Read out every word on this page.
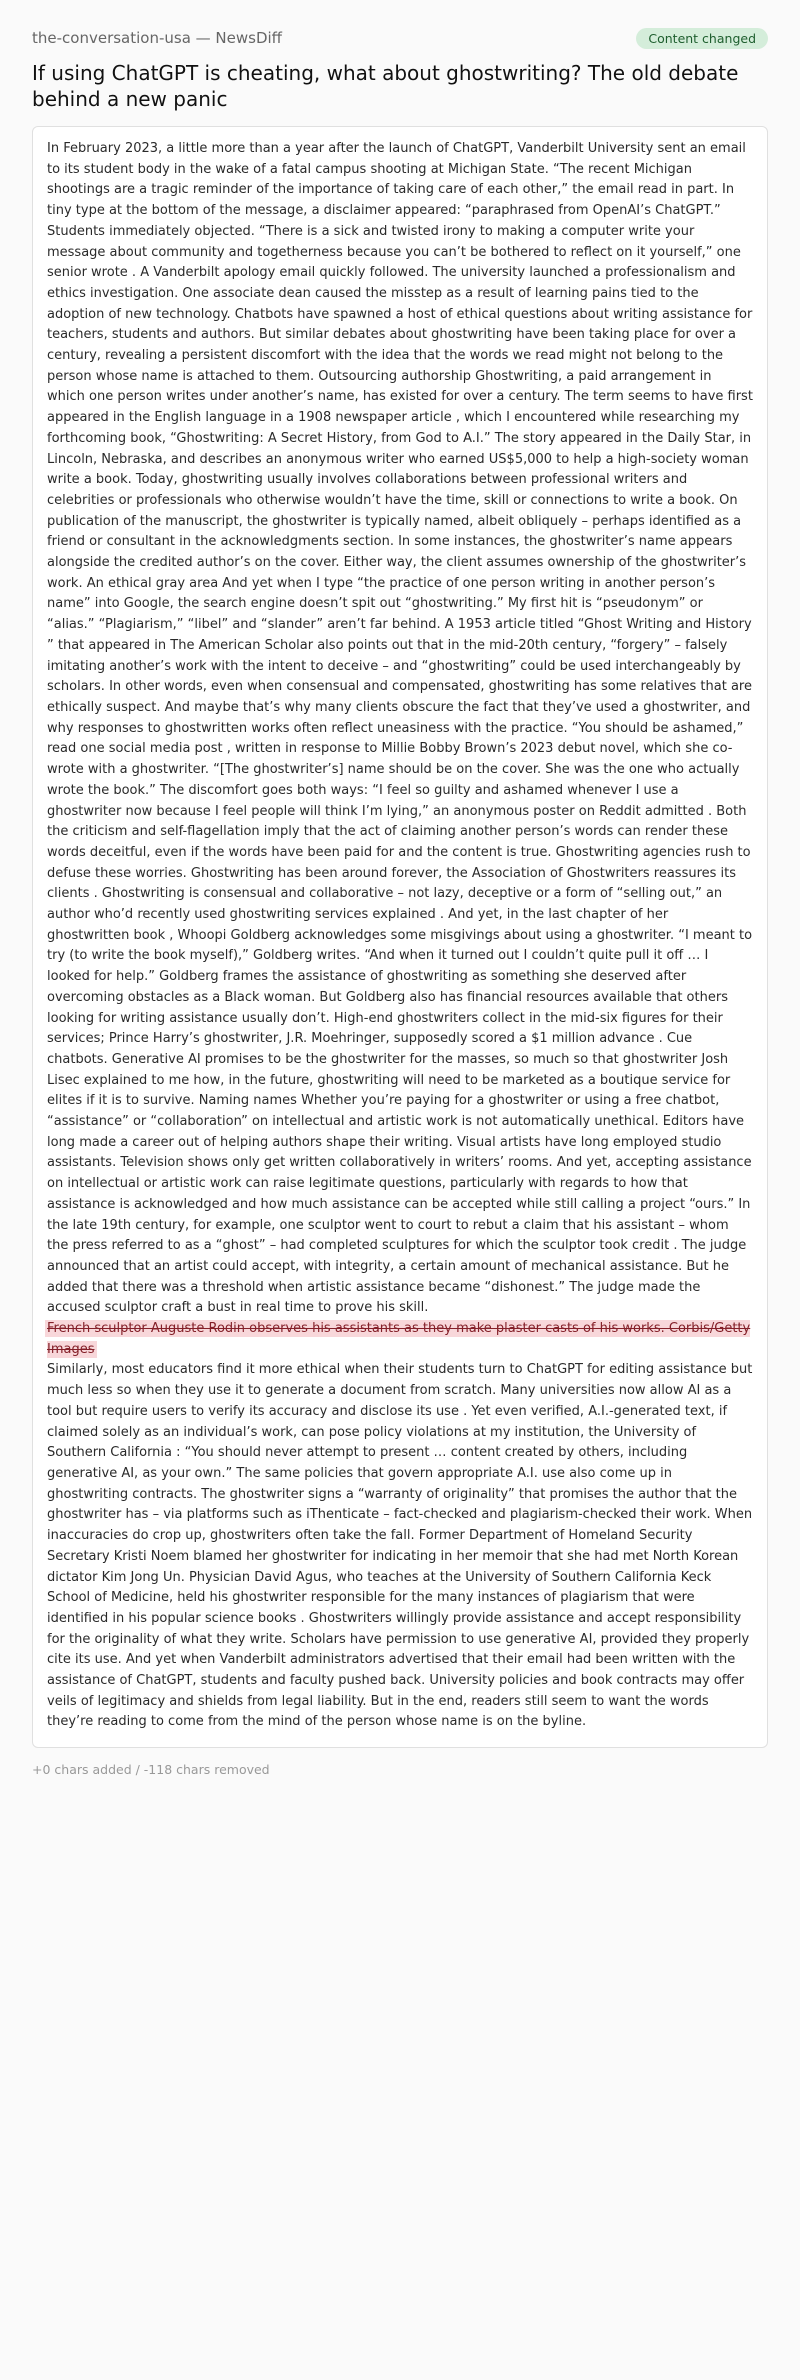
the-conversation-usa — NewsDiff	Content changed
If using ChatGPT is cheating, what about ghostwriting? The old debate behind a new panic

In February 2023, a little more than a year after the launch of ChatGPT, Vanderbilt University sent an email to its student body in the wake of a fatal campus shooting at Michigan State. “The recent Michigan shootings are a tragic reminder of the importance of taking care of each other,” the email read in part. In tiny type at the bottom of the message, a disclaimer appeared: “paraphrased from OpenAI’s ChatGPT.” Students immediately objected. “There is a sick and twisted irony to making a computer write your message about community and togetherness because you can’t be bothered to reflect on it yourself,” one senior wrote . A Vanderbilt apology email quickly followed. The university launched a professionalism and ethics investigation. One associate dean caused the misstep as a result of learning pains tied to the adoption of new technology. Chatbots have spawned a host of ethical questions about writing assistance for teachers, students and authors. But similar debates about ghostwriting have been taking place for over a century, revealing a persistent discomfort with the idea that the words we read might not belong to the person whose name is attached to them. Outsourcing authorship Ghostwriting, a paid arrangement in which one person writes under another’s name, has existed for over a century. The term seems to have first appeared in the English language in a 1908 newspaper article , which I encountered while researching my forthcoming book, “Ghostwriting: A Secret History, from God to A.I.” The story appeared in the Daily Star, in Lincoln, Nebraska, and describes an anonymous writer who earned US$5,000 to help a high-society woman write a book. Today, ghostwriting usually involves collaborations between professional writers and celebrities or professionals who otherwise wouldn’t have the time, skill or connections to write a book. On publication of the manuscript, the ghostwriter is typically named, albeit obliquely – perhaps identified as a friend or consultant in the acknowledgments section. In some instances, the ghostwriter’s name appears alongside the credited author’s on the cover. Either way, the client assumes ownership of the ghostwriter’s work. An ethical gray area And yet when I type “the practice of one person writing in another person’s name” into Google, the search engine doesn’t spit out “ghostwriting.” My first hit is “pseudonym” or “alias.” “Plagiarism,” “libel” and “slander” aren’t far behind. A 1953 article titled “Ghost Writing and History ” that appeared in The American Scholar also points out that in the mid-20th century, “forgery” – falsely imitating another’s work with the intent to deceive – and “ghostwriting” could be used interchangeably by scholars. In other words, even when consensual and compensated, ghostwriting has some relatives that are ethically suspect. And maybe that’s why many clients obscure the fact that they’ve used a ghostwriter, and why responses to ghostwritten works often reflect uneasiness with the practice. “You should be ashamed,” read one social media post , written in response to Millie Bobby Brown’s 2023 debut novel, which she co-wrote with a ghostwriter. “[The ghostwriter’s] name should be on the cover. She was the one who actually wrote the book.” The discomfort goes both ways: “I feel so guilty and ashamed whenever I use a ghostwriter now because I feel people will think I’m lying,” an anonymous poster on Reddit admitted . Both the criticism and self-flagellation imply that the act of claiming another person’s words can render these words deceitful, even if the words have been paid for and the content is true. Ghostwriting agencies rush to defuse these worries. Ghostwriting has been around forever, the Association of Ghostwriters reassures its clients . Ghostwriting is consensual and collaborative – not lazy, deceptive or a form of “selling out,” an author who’d recently used ghostwriting services explained . And yet, in the last chapter of her ghostwritten book , Whoopi Goldberg acknowledges some misgivings about using a ghostwriter. “I meant to try (to write the book myself),” Goldberg writes. “And when it turned out I couldn’t quite pull it off … I looked for help.” Goldberg frames the assistance of ghostwriting as something she deserved after overcoming obstacles as a Black woman. But Goldberg also has financial resources available that others looking for writing assistance usually don’t. High-end ghostwriters collect in the mid-six figures for their services; Prince Harry’s ghostwriter, J.R. Moehringer, supposedly scored a $1 million advance . Cue chatbots. Generative AI promises to be the ghostwriter for the masses, so much so that ghostwriter Josh Lisec explained to me how, in the future, ghostwriting will need to be marketed as a boutique service for elites if it is to survive. Naming names Whether you’re paying for a ghostwriter or using a free chatbot, “assistance” or “collaboration” on intellectual and artistic work is not automatically unethical. Editors have long made a career out of helping authors shape their writing. Visual artists have long employed studio assistants. Television shows only get written collaboratively in writers’ rooms. And yet, accepting assistance on intellectual or artistic work can raise legitimate questions, particularly with regards to how that assistance is acknowledged and how much assistance can be accepted while still calling a project “ours.” In the late 19th century, for example, one sculptor went to court to rebut a claim that his assistant – whom the press referred to as a “ghost” – had completed sculptures for which the sculptor took credit . The judge announced that an artist could accept, with integrity, a certain amount of mechanical assistance. But he added that there was a threshold when artistic assistance became “dishonest.” The judge made the accused sculptor craft a bust in real time to prove his skill.

French sculptor Auguste Rodin observes his assistants as they make plaster casts of his works. Corbis/Getty Images

Similarly, most educators find it more ethical when their students turn to ChatGPT for editing assistance but much less so when they use it to generate a document from scratch. Many universities now allow AI as a tool but require users to verify its accuracy and disclose its use . Yet even verified, A.I.-generated text, if claimed solely as an individual’s work, can pose policy violations at my institution, the University of Southern California : “You should never attempt to present … content created by others, including generative AI, as your own.” The same policies that govern appropriate A.I. use also come up in ghostwriting contracts. The ghostwriter signs a “warranty of originality” that promises the author that the ghostwriter has – via platforms such as iThenticate – fact-checked and plagiarism-checked their work. When inaccuracies do crop up, ghostwriters often take the fall. Former Department of Homeland Security Secretary Kristi Noem blamed her ghostwriter for indicating in her memoir that she had met North Korean dictator Kim Jong Un. Physician David Agus, who teaches at the University of Southern California Keck School of Medicine, held his ghostwriter responsible for the many instances of plagiarism that were identified in his popular science books . Ghostwriters willingly provide assistance and accept responsibility for the originality of what they write. Scholars have permission to use generative AI, provided they properly cite its use. And yet when Vanderbilt administrators advertised that their email had been written with the assistance of ChatGPT, students and faculty pushed back. University policies and book contracts may offer veils of legitimacy and shields from legal liability. But in the end, readers still seem to want the words they’re reading to come from the mind of the person whose name is on the byline.

+0 chars added / -118 chars removed
